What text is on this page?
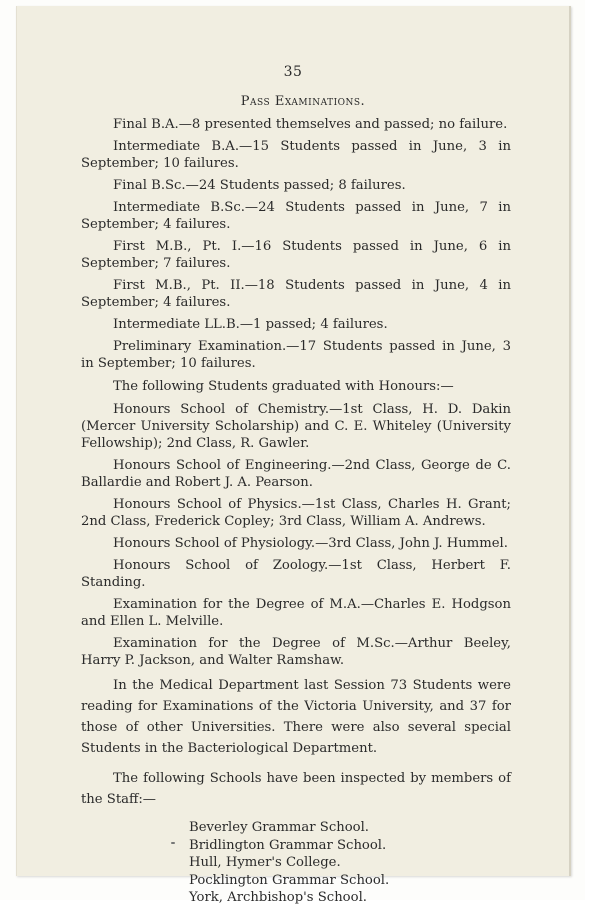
35
Pass Examinations.

Final B.A.—8 presented themselves and passed; no failure.

Intermediate B.A.—15 Students passed in June, 3 in September; 10 failures.

Final B.Sc.—24 Students passed; 8 failures.

Intermediate B.Sc.—24 Students passed in June, 7 in September; 4 failures.

First M.B., Pt. I.—16 Students passed in June, 6 in September; 7 failures.

First M.B., Pt. II.—18 Students passed in June, 4 in September; 4 failures.

Intermediate LL.B.—1 passed; 4 failures.

Preliminary Examination.—17 Students passed in June, 3 in September; 10 failures.

The following Students graduated with Honours:—

Honours School of Chemistry.—1st Class, H. D. Dakin (Mercer University Scholarship) and C. E. Whiteley (University Fellowship); 2nd Class, R. Gawler.

Honours School of Engineering.—2nd Class, George de C. Ballardie and Robert J. A. Pearson.

Honours School of Physics.—1st Class, Charles H. Grant; 2nd Class, Frederick Copley; 3rd Class, William A. Andrews.

Honours School of Physiology.—3rd Class, John J. Hummel.

Honours School of Zoology.—1st Class, Herbert F. Standing.

Examination for the Degree of M.A.—Charles E. Hodgson and Ellen L. Melville.

Examination for the Degree of M.Sc.—Arthur Beeley, Harry P. Jackson, and Walter Ramshaw.

In the Medical Department last Session 73 Students were reading for Examinations of the Victoria University, and 37 for those of other Universities. There were also several special Students in the Bacteriological Department.

The following Schools have been inspected by members of the Staff:—

Beverley Grammar School.
Bridlington Grammar School.
Hull, Hymer's College.
Pocklington Grammar School.
York, Archbishop's School.
